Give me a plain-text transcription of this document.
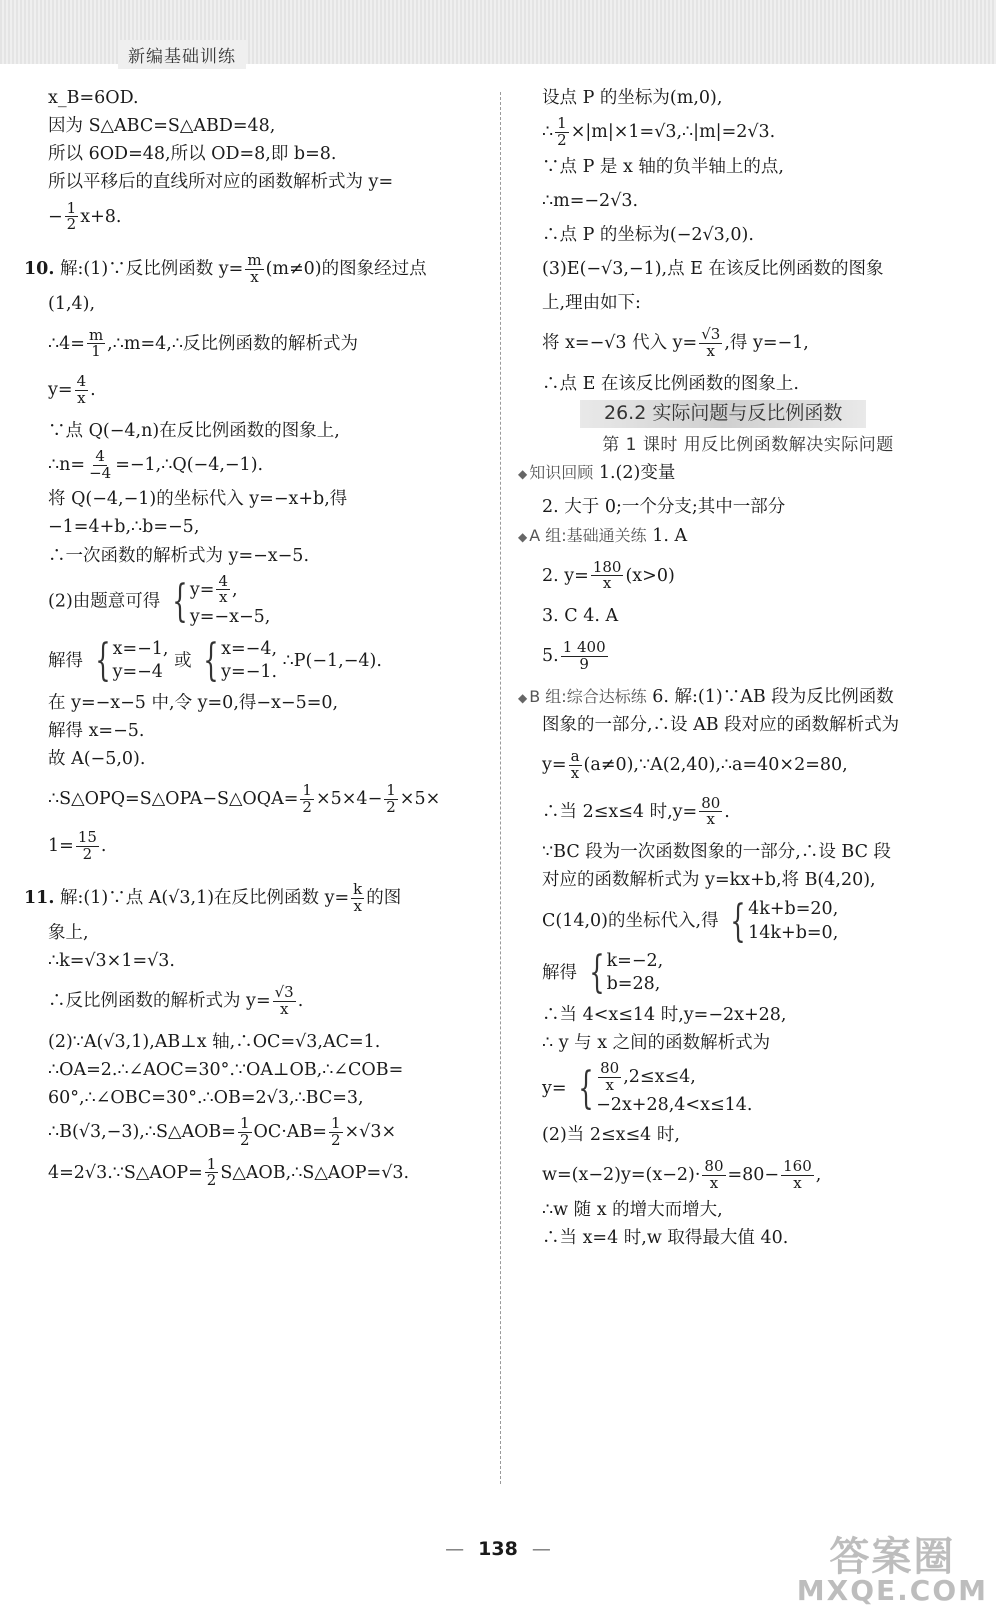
新编基础训练
x_B=6OD.
因为 S△ABC=S△ABD=48,
所以 6OD=48,所以 OD=8,即 b=8.
所以平移后的直线所对应的函数解析式为 y=
− $\frac{1}{2} x+8$.
10. 解:(1)∵反比例函数 $y= \frac{m}{x} (m\ne 0)$的图象经过点
(1,4),
∴4= $\frac{m}{1}$ ,∴m=4,∴反比例函数的解析式为
$y= \frac{4}{x}$ .
∵点 Q(−4,n)在反比例函数的图象上,
∴n= $\frac{4}{-4}$ =−1,∴Q(−4,−1).
将 Q(−4,−1)的坐标代入 y=−x+b,得
−1=4+b,∴b=−5,
∴一次函数的解析式为 y=−x−5.
(2)由题意可得 { $y= \frac{4}{x}$ ,
y=−x−5,
解得 { x=−1,
y=−4
或 { x=−4,
y=−1.
∴P(−1,−4).
在 y=−x−5 中,令 y=0,得−x−5=0,
解得 x=−5.
故 A(−5,0).
∴S△OPQ=S△OPA−S△OQA= $\frac{1}{2} \times 5\times 4- \frac{1}{2} \times 5\times$
$1= \frac{15}{2}$ .
11. 解:(1)∵点 A(√3,1)在反比例函数 $y= \frac{k}{x}$ 的图
象上,
∴k=√3×1=√3.
∴反比例函数的解析式为 $y= \frac{√3}{x}$ .
(2)∵A(√3,1),AB⊥x 轴,∴OC=√3,AC=1.
∴OA=2.∴∠AOC=30°.∵OA⊥OB,∴∠COB=
60°,∴∠OBC=30°.∴OB=2√3,∴BC=3,
∴B(√3,−3),∴S△AOB= $\frac{1}{2} OC\cdot AB= \frac{1}{2} \times√3\times$
4=2√3.∵S△AOP= $\frac{1}{2}$ S△AOB,∴S△AOP=√3.
设点 P 的坐标为(m,0),
∴ $\frac{1}{2}$ ×|m|×1=√3,∴|m|=2√3.
∵点 P 是 x 轴的负半轴上的点,
∴m=−2√3.
∴点 P 的坐标为(−2√3,0).
(3)E(−√3,−1),点 E 在该反比例函数的图象
上,理由如下:
将 x=−√3 代入 $y= \frac{√3}{x}$ ,得 y=−1,
∴点 E 在该反比例函数的图象上.
26.2 实际问题与反比例函数
第 1 课时 用反比例函数解决实际问题
◆ 知识回顾 1.(2)变量
2. 大于 0;一个分支;其中一部分
◆ A 组:基础通关练 1. A
2. $y= \frac{180}{x} (x>0)$
3. C 4. A
5. $\frac{1 400}{9}$
◆ B 组:综合达标练 6. 解:(1)∵AB 段为反比例函数
图象的一部分,∴设 AB 段对应的函数解析式为
$y= \frac{a}{x}$ (a≠0),∵A(2,40),∴a=40×2=80,
∴当 2≤x≤4 时$,y= \frac{80}{x}$ .
∵BC 段为一次函数图象的一部分,∴设 BC 段
对应的函数解析式为 y=kx+b,将 B(4,20),
C(14,0)的坐标代入,得 { 4k+b=20,
14k+b=0,
解得 { k=−2,
b=28,
∴当 4<x≤14 时,y=−2x+28,
∴ y 与 x 之间的函数解析式为
y= { $\frac{80}{x} ,2\le x\le 4$,
−2x+28,4<x≤14.
(2)当 2≤x≤4 时,
$w=(x-2)y=(x-2)\cdot \frac{80}{x} =80- \frac{160}{x}$ ,
∴w 随 x 的增大而增大,
∴当 x=4 时,w 取得最大值 40.
— 138 —	答案圈
MXQE.COM
